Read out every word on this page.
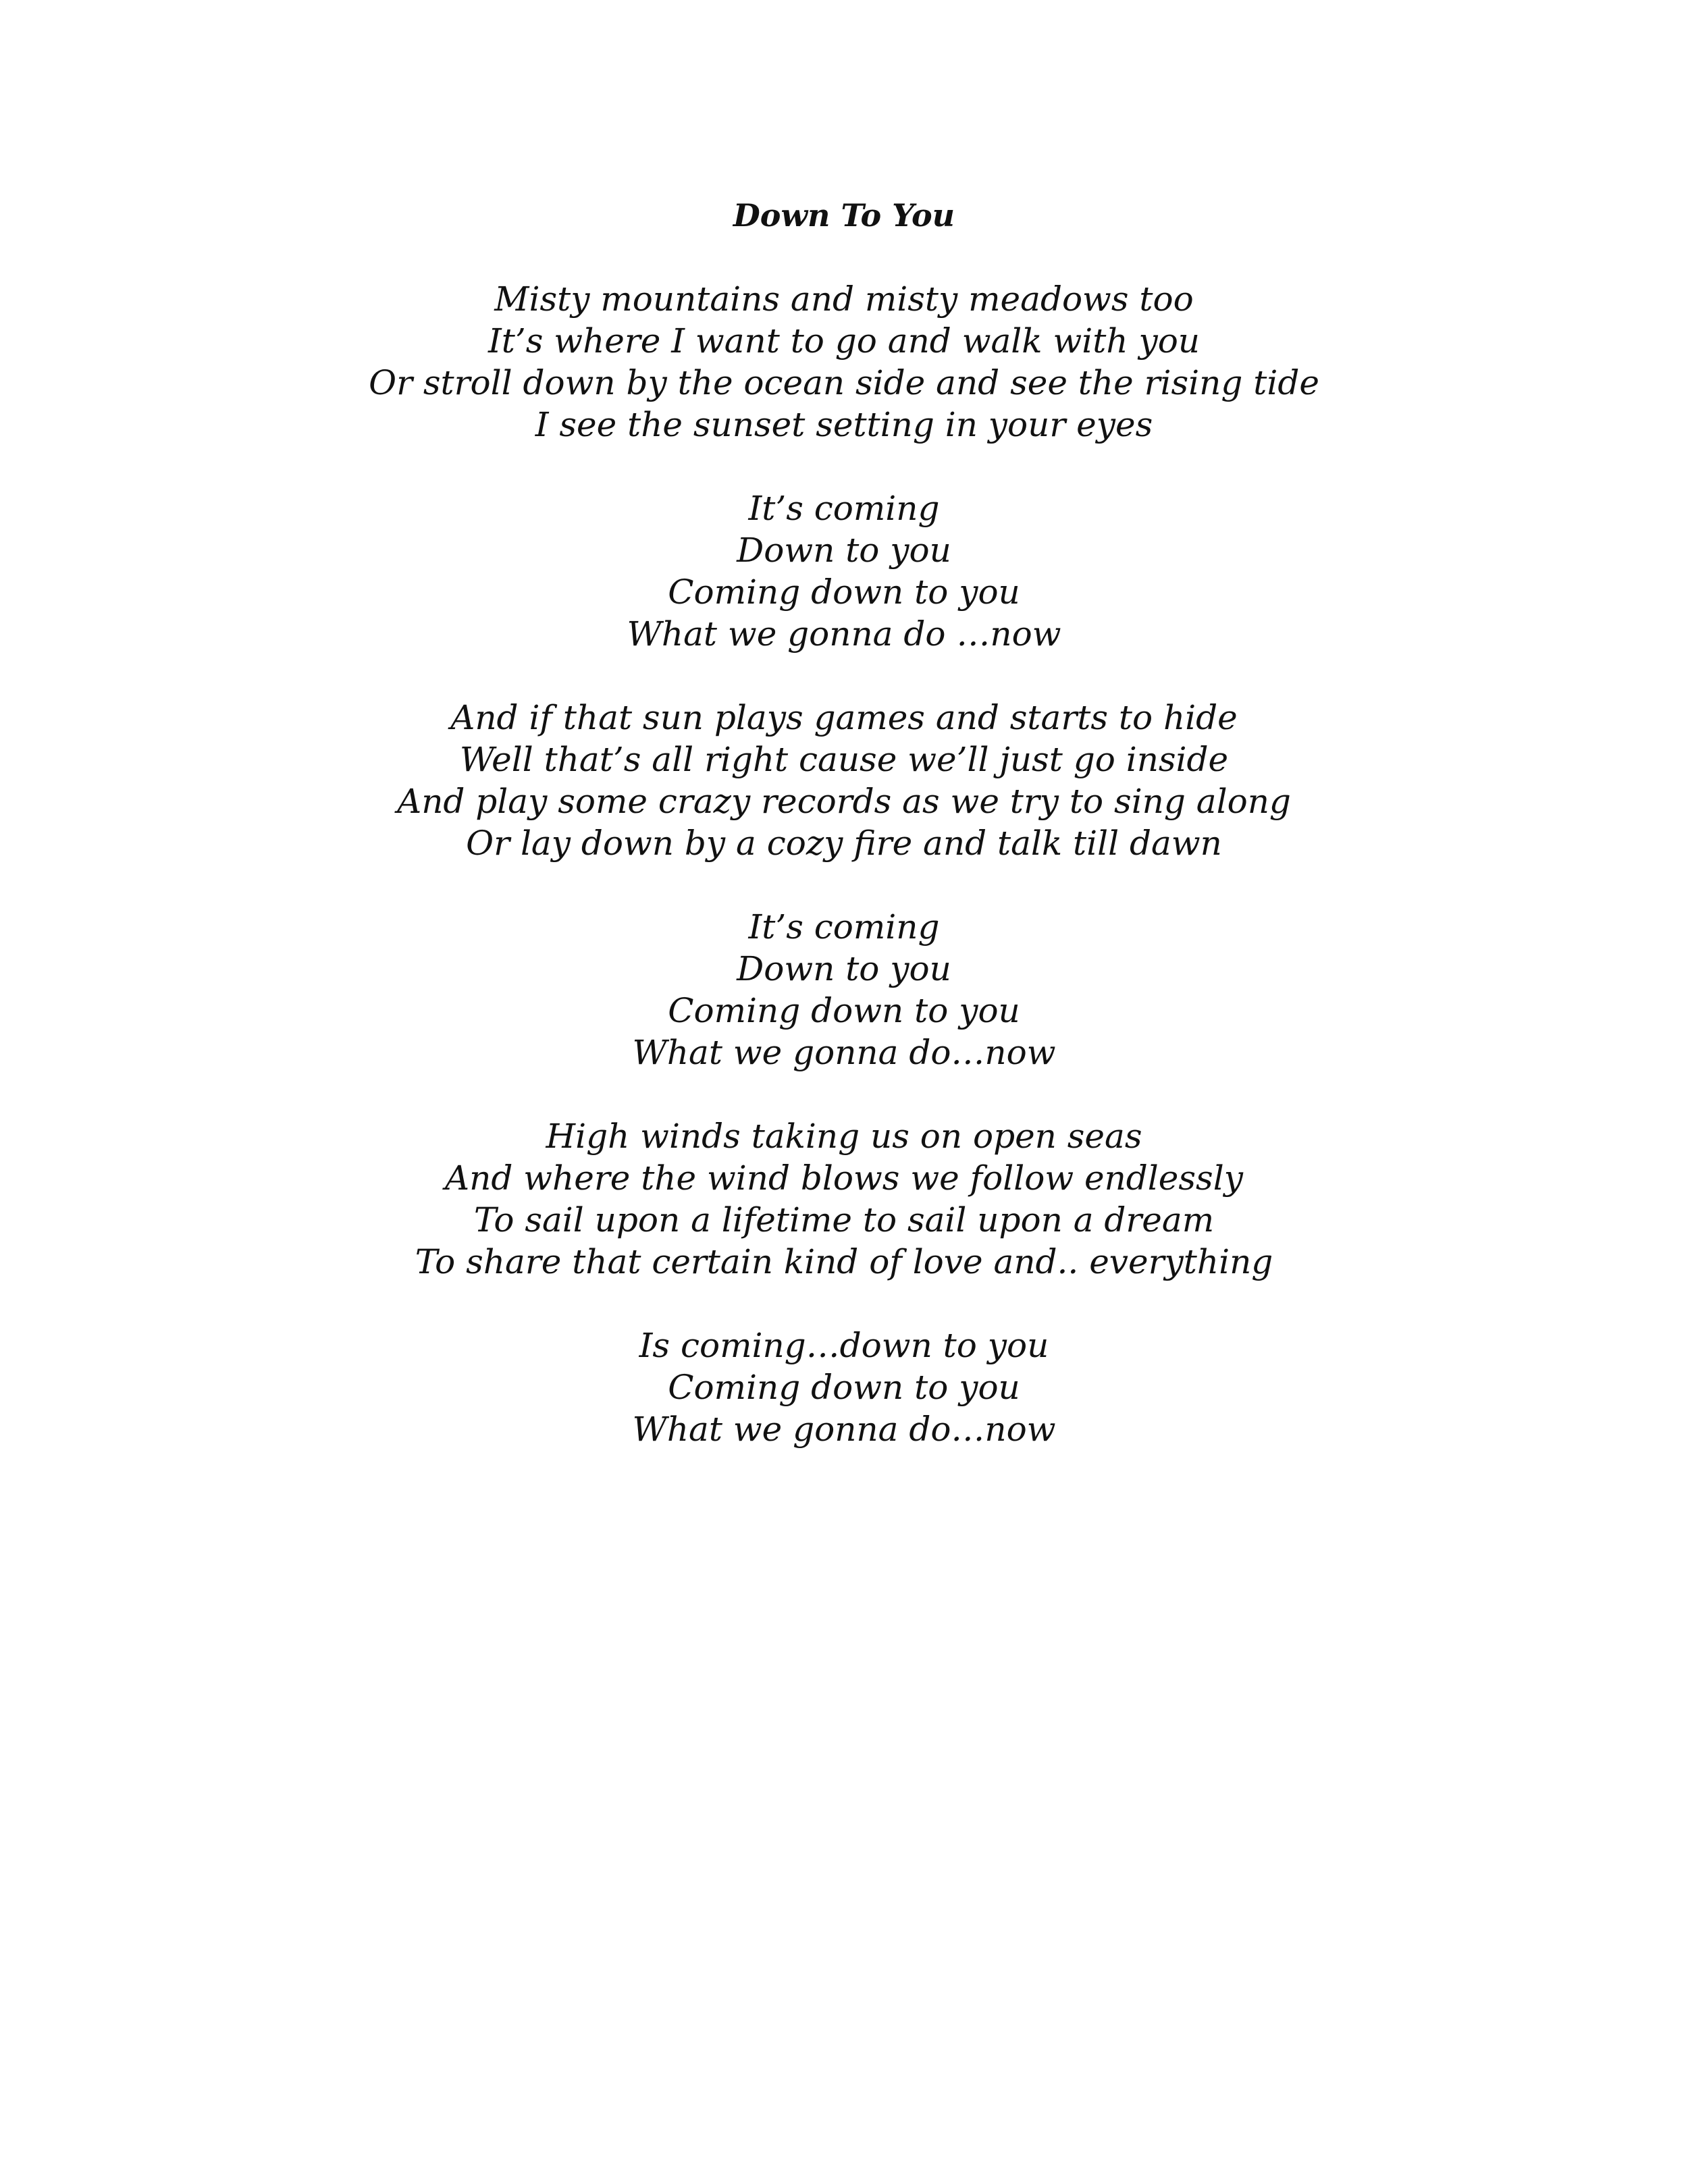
Down To You
Misty mountains and misty meadows too
It’s where I want to go and walk with you
Or stroll down by the ocean side and see the rising tide
I see the sunset setting in your eyes
It’s coming
Down to you
Coming down to you
What we gonna do …now
And if that sun plays games and starts to hide
Well that’s all right cause we’ll just go inside
And play some crazy records as we try to sing along
Or lay down by a cozy fire and talk till dawn
It’s coming
Down to you
Coming down to you
What we gonna do…now
High winds taking us on open seas
And where the wind blows we follow endlessly
To sail upon a lifetime to sail upon a dream
To share that certain kind of love and.. everything
Is coming…down to you
Coming down to you
What we gonna do…now
